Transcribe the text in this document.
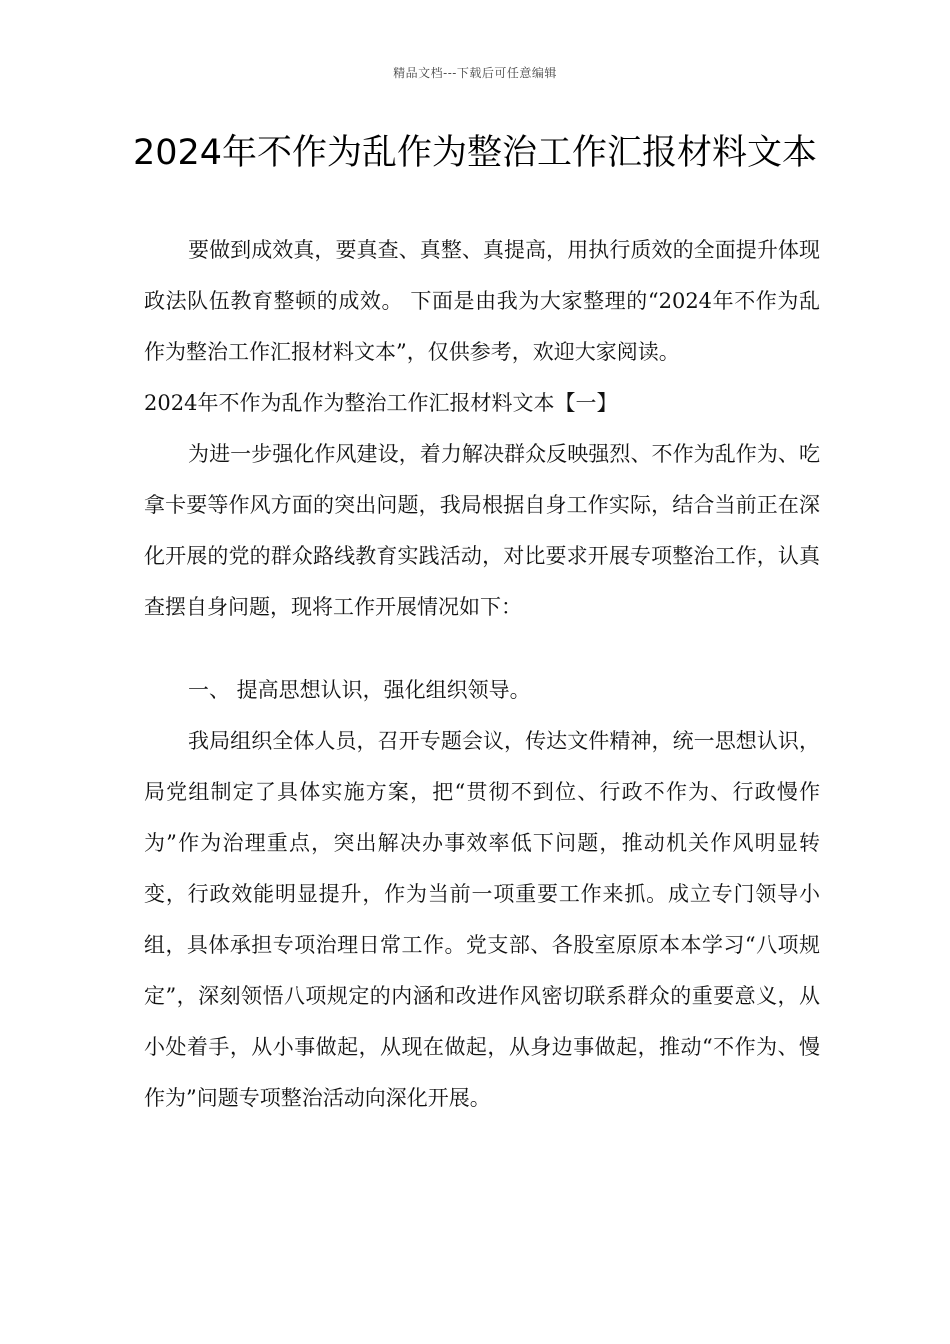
精品文档---下载后可任意编辑
2024年不作为乱作为整治工作汇报材料文本

要做到成效真，要真查、真整、真提高，用执行质效的全面提升体现政法队伍教育整顿的成效。 下面是由我为大家整理的“2024年不作为乱作为整治工作汇报材料文本”，仅供参考，欢迎大家阅读。

2024年不作为乱作为整治工作汇报材料文本【一】

为进一步强化作风建设，着力解决群众反映强烈、不作为乱作为、吃拿卡要等作风方面的突出问题，我局根据自身工作实际，结合当前正在深化开展的党的群众路线教育实践活动，对比要求开展专项整治工作，认真查摆自身问题，现将工作开展情况如下：

一、 提高思想认识，强化组织领导。

我局组织全体人员，召开专题会议，传达文件精神，统一思想认识，局党组制定了具体实施方案，把“贯彻不到位、行政不作为、行政慢作为”作为治理重点，突出解决办事效率低下问题，推动机关作风明显转变，行政效能明显提升，作为当前一项重要工作来抓。成立专门领导小组，具体承担专项治理日常工作。党支部、各股室原原本本学习“八项规定”，深刻领悟八项规定的内涵和改进作风密切联系群众的重要意义，从小处着手，从小事做起，从现在做起，从身边事做起，推动“不作为、慢作为”问题专项整治活动向深化开展。
